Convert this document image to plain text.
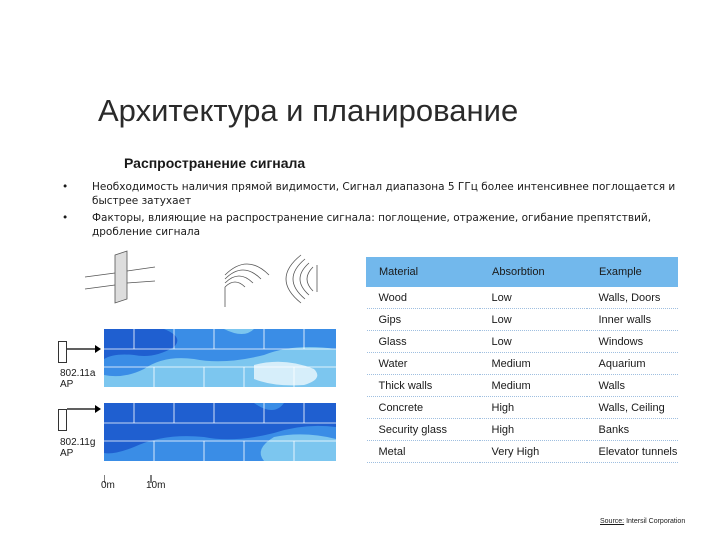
Архитектура и планирование
Распространение сигнала
•	Необходимость наличия прямой видимости, Сигнал диапазона 5 ГГц более интенсивнее поглощается и быстрее затухает
•	Факторы, влияющие на распространение сигнала: поглощение, отражение, огибание препятствий, дробление сигнала
802.11a
AP
802.11g
AP
0m	10m
Material	Absorbtion	Example
Wood	Low	Walls, Doors
Gips	Low	Inner walls
Glass	Low	Windows
Water	Medium	Aquarium
Thick walls	Medium	Walls
Concrete	High	Walls, Ceiling
Security glass	High	Banks
Metal	Very High	Elevator tunnels
Source: Intersil Corporation
